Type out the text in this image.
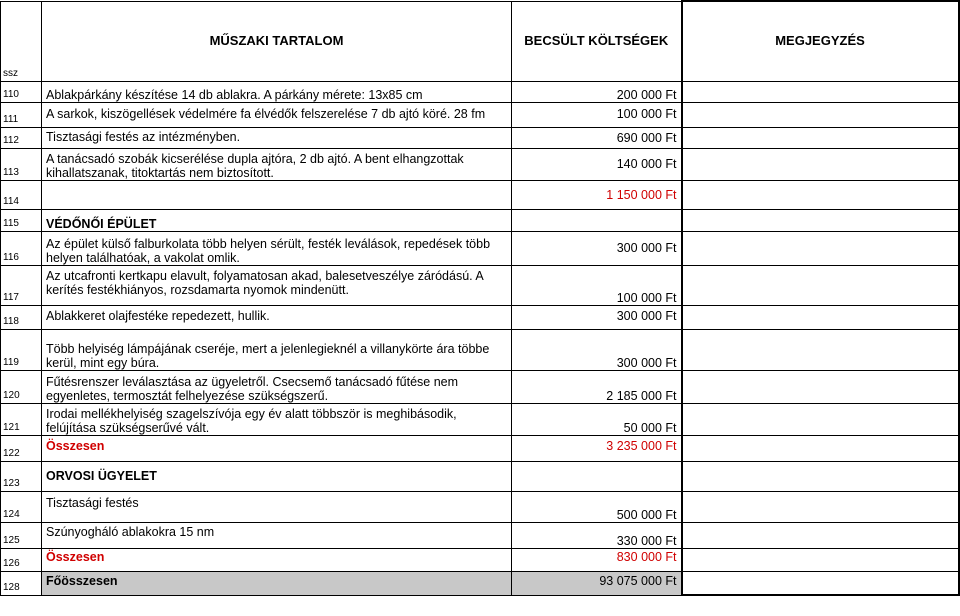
ssz	MŰSZAKI TARTALOM	BECSÜLT KÖLTSÉGEK	MEGJEGYZÉS
110	Ablakpárkány készítése 14 db ablakra. A párkány mérete: 13x85 cm	200 000 Ft	
111	A sarkok, kiszögellések védelmére fa élvédők felszerelése 7 db ajtó köré. 28 fm	100 000 Ft	
112	Tisztasági festés az intézményben.	690 000 Ft	
113	A tanácsadó szobák kicserélése dupla ajtóra, 2 db ajtó. A bent elhangzottak kihallatszanak, titoktartás nem biztosított.	140 000 Ft	
114		1 150 000 Ft	
115	VÉDŐNŐI ÉPÜLET		
116	Az épület külső falburkolata több helyen sérült, festék leválások, repedések több helyen találhatóak, a vakolat omlik.	300 000 Ft	
117	Az utcafronti kertkapu elavult, folyamatosan akad, balesetveszélye záródású. A kerítés festékhiányos, rozsdamarta nyomok mindenütt.	100 000 Ft	
118	Ablakkeret olajfestéke repedezett, hullik.	300 000 Ft	
119	Több helyiség lámpájának cseréje, mert a jelenlegieknél a villanykörte ára többe kerül, mint egy búra.	300 000 Ft	
120	Fűtésrenszer leválasztása az ügyeletről. Csecsemő tanácsadó fűtése nem egyenletes, termosztát felhelyezése szükségszerű.	2 185 000 Ft	
121	Irodai mellékhelyiség szagelszívója egy év alatt többször is meghibásodik, felújítása szükségserűvé vált.	50 000 Ft	
122	Összesen	3 235 000 Ft	
123	ORVOSI ÜGYELET		
124	Tisztasági festés	500 000 Ft	
125	Szúnyogháló ablakokra 15 nm	330 000 Ft	
126	Összesen	830 000 Ft	
128	Főösszesen	93 075 000 Ft	
